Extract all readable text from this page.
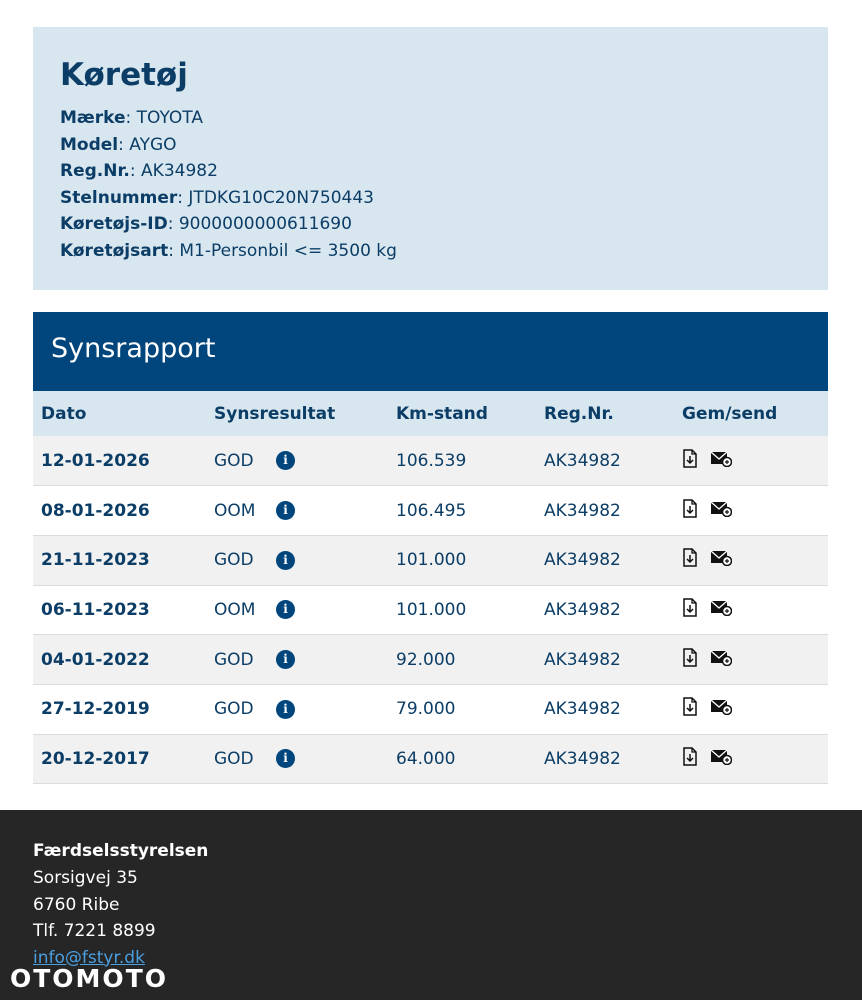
Køretøj
Mærke: TOYOTA
Model: AYGO
Reg.Nr.: AK34982
Stelnummer: JTDKG10C20N750443
Køretøjs-ID: 9000000000611690
Køretøjsart: M1-Personbil <= 3500 kg
Synsrapport
Dato	Synsresultat	Km-stand	Reg.Nr.	Gem/send
12-01-2026	GOD i	106.539	AK34982	
08-01-2026	OOM i	106.495	AK34982	
21-11-2023	GOD i	101.000	AK34982	
06-11-2023	OOM i	101.000	AK34982	
04-01-2022	GOD i	92.000	AK34982	
27-12-2019	GOD i	79.000	AK34982	
20-12-2017	GOD i	64.000	AK34982	
Færdselsstyrelsen
Sorsigvej 35
6760 Ribe
Tlf. 7221 8899
info@fstyr.dk
OTOMOTO
